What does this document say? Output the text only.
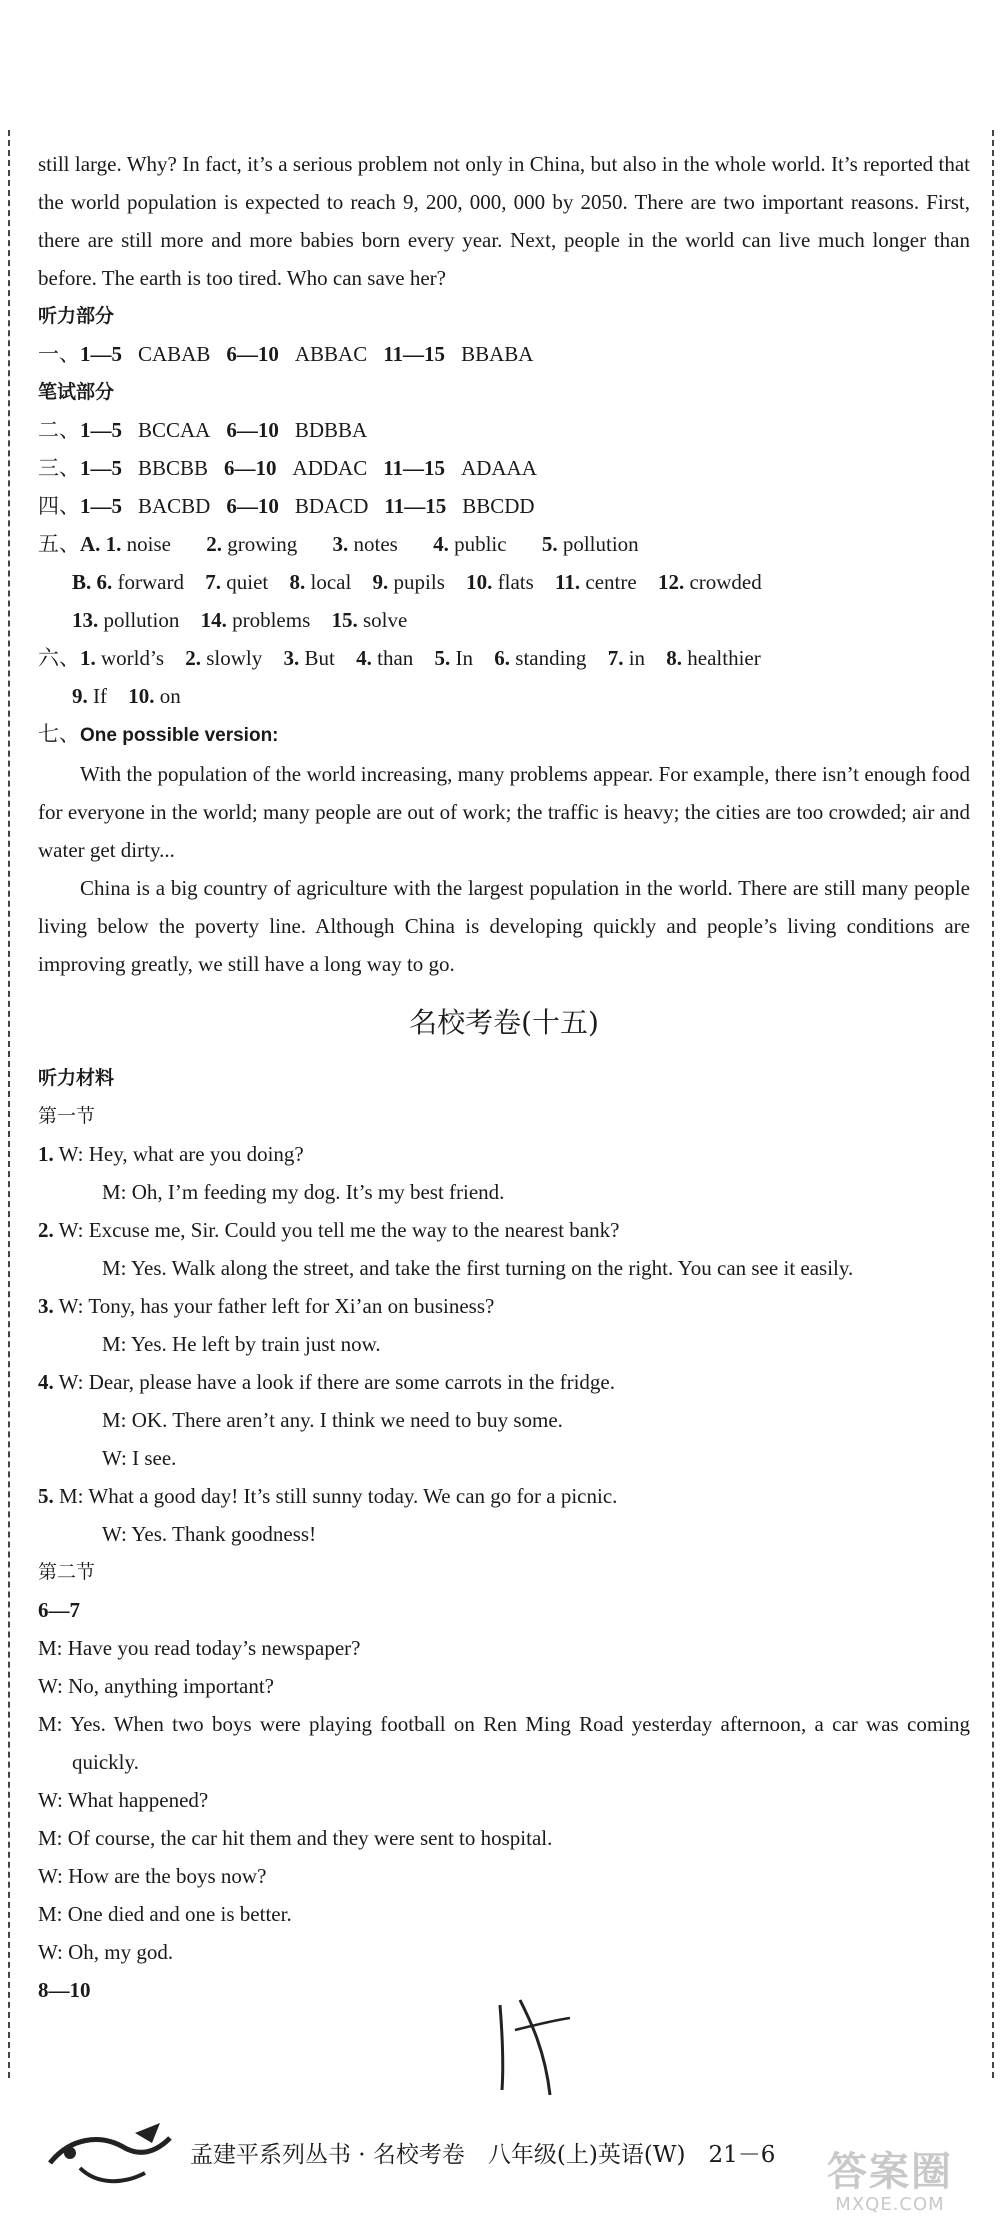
still large. Why? In fact, it’s a serious problem not only in China, but also in the whole world. It’s reported that the world population is expected to reach 9, 200, 000, 000 by 2050. There are two important reasons. First, there are still more and more babies born every year. Next, people in the world can live much longer than before. The earth is too tired. Who can save her?

听力部分
一、1—5 CABAB 6—10 ABBAC 11—15 BBABA
笔试部分
二、1—5 BCCAA 6—10 BDBBA
三、1—5 BBCBB 6—10 ADDAC 11—15 ADAAA
四、1—5 BACBD 6—10 BDACD 11—15 BBCDD
五、A. 1. noise 2. growing 3. notes 4. public 5. pollution
B. 6. forward 7. quiet 8. local 9. pupils 10. flats 11. centre 12. crowded
13. pollution 14. problems 15. solve
六、1. world’s 2. slowly 3. But 4. than 5. In 6. standing 7. in 8. healthier
9. If 10. on
七、One possible version:

With the population of the world increasing, many problems appear. For example, there isn’t enough food for everyone in the world; many people are out of work; the traffic is heavy; the cities are too crowded; air and water get dirty...

China is a big country of agriculture with the largest population in the world. There are still many people living below the poverty line. Although China is developing quickly and people’s living conditions are improving greatly, we still have a long way to go.

名校考卷(十五)
听力材料
第一节
1. W: Hey, what are you doing?
M: Oh, I’m feeding my dog. It’s my best friend.
2. W: Excuse me, Sir. Could you tell me the way to the nearest bank?

M: Yes. Walk along the street, and take the first turning on the right. You can see it easily.

3. W: Tony, has your father left for Xi’an on business?
M: Yes. He left by train just now.
4. W: Dear, please have a look if there are some carrots in the fridge.
M: OK. There aren’t any. I think we need to buy some.
W: I see.
5. M: What a good day! It’s still sunny today. We can go for a picnic.
W: Yes. Thank goodness!
第二节
6—7
M: Have you read today’s newspaper?
W: No, anything important?

M: Yes. When two boys were playing football on Ren Ming Road yesterday afternoon, a car was coming quickly.

W: What happened?
M: Of course, the car hit them and they were sent to hospital.
W: How are the boys now?
M: One died and one is better.
W: Oh, my god.
8—10
孟建平系列丛书 · 名校考卷　八年级(上)英语(W)　21－6	答案圈
MXQE.COM
